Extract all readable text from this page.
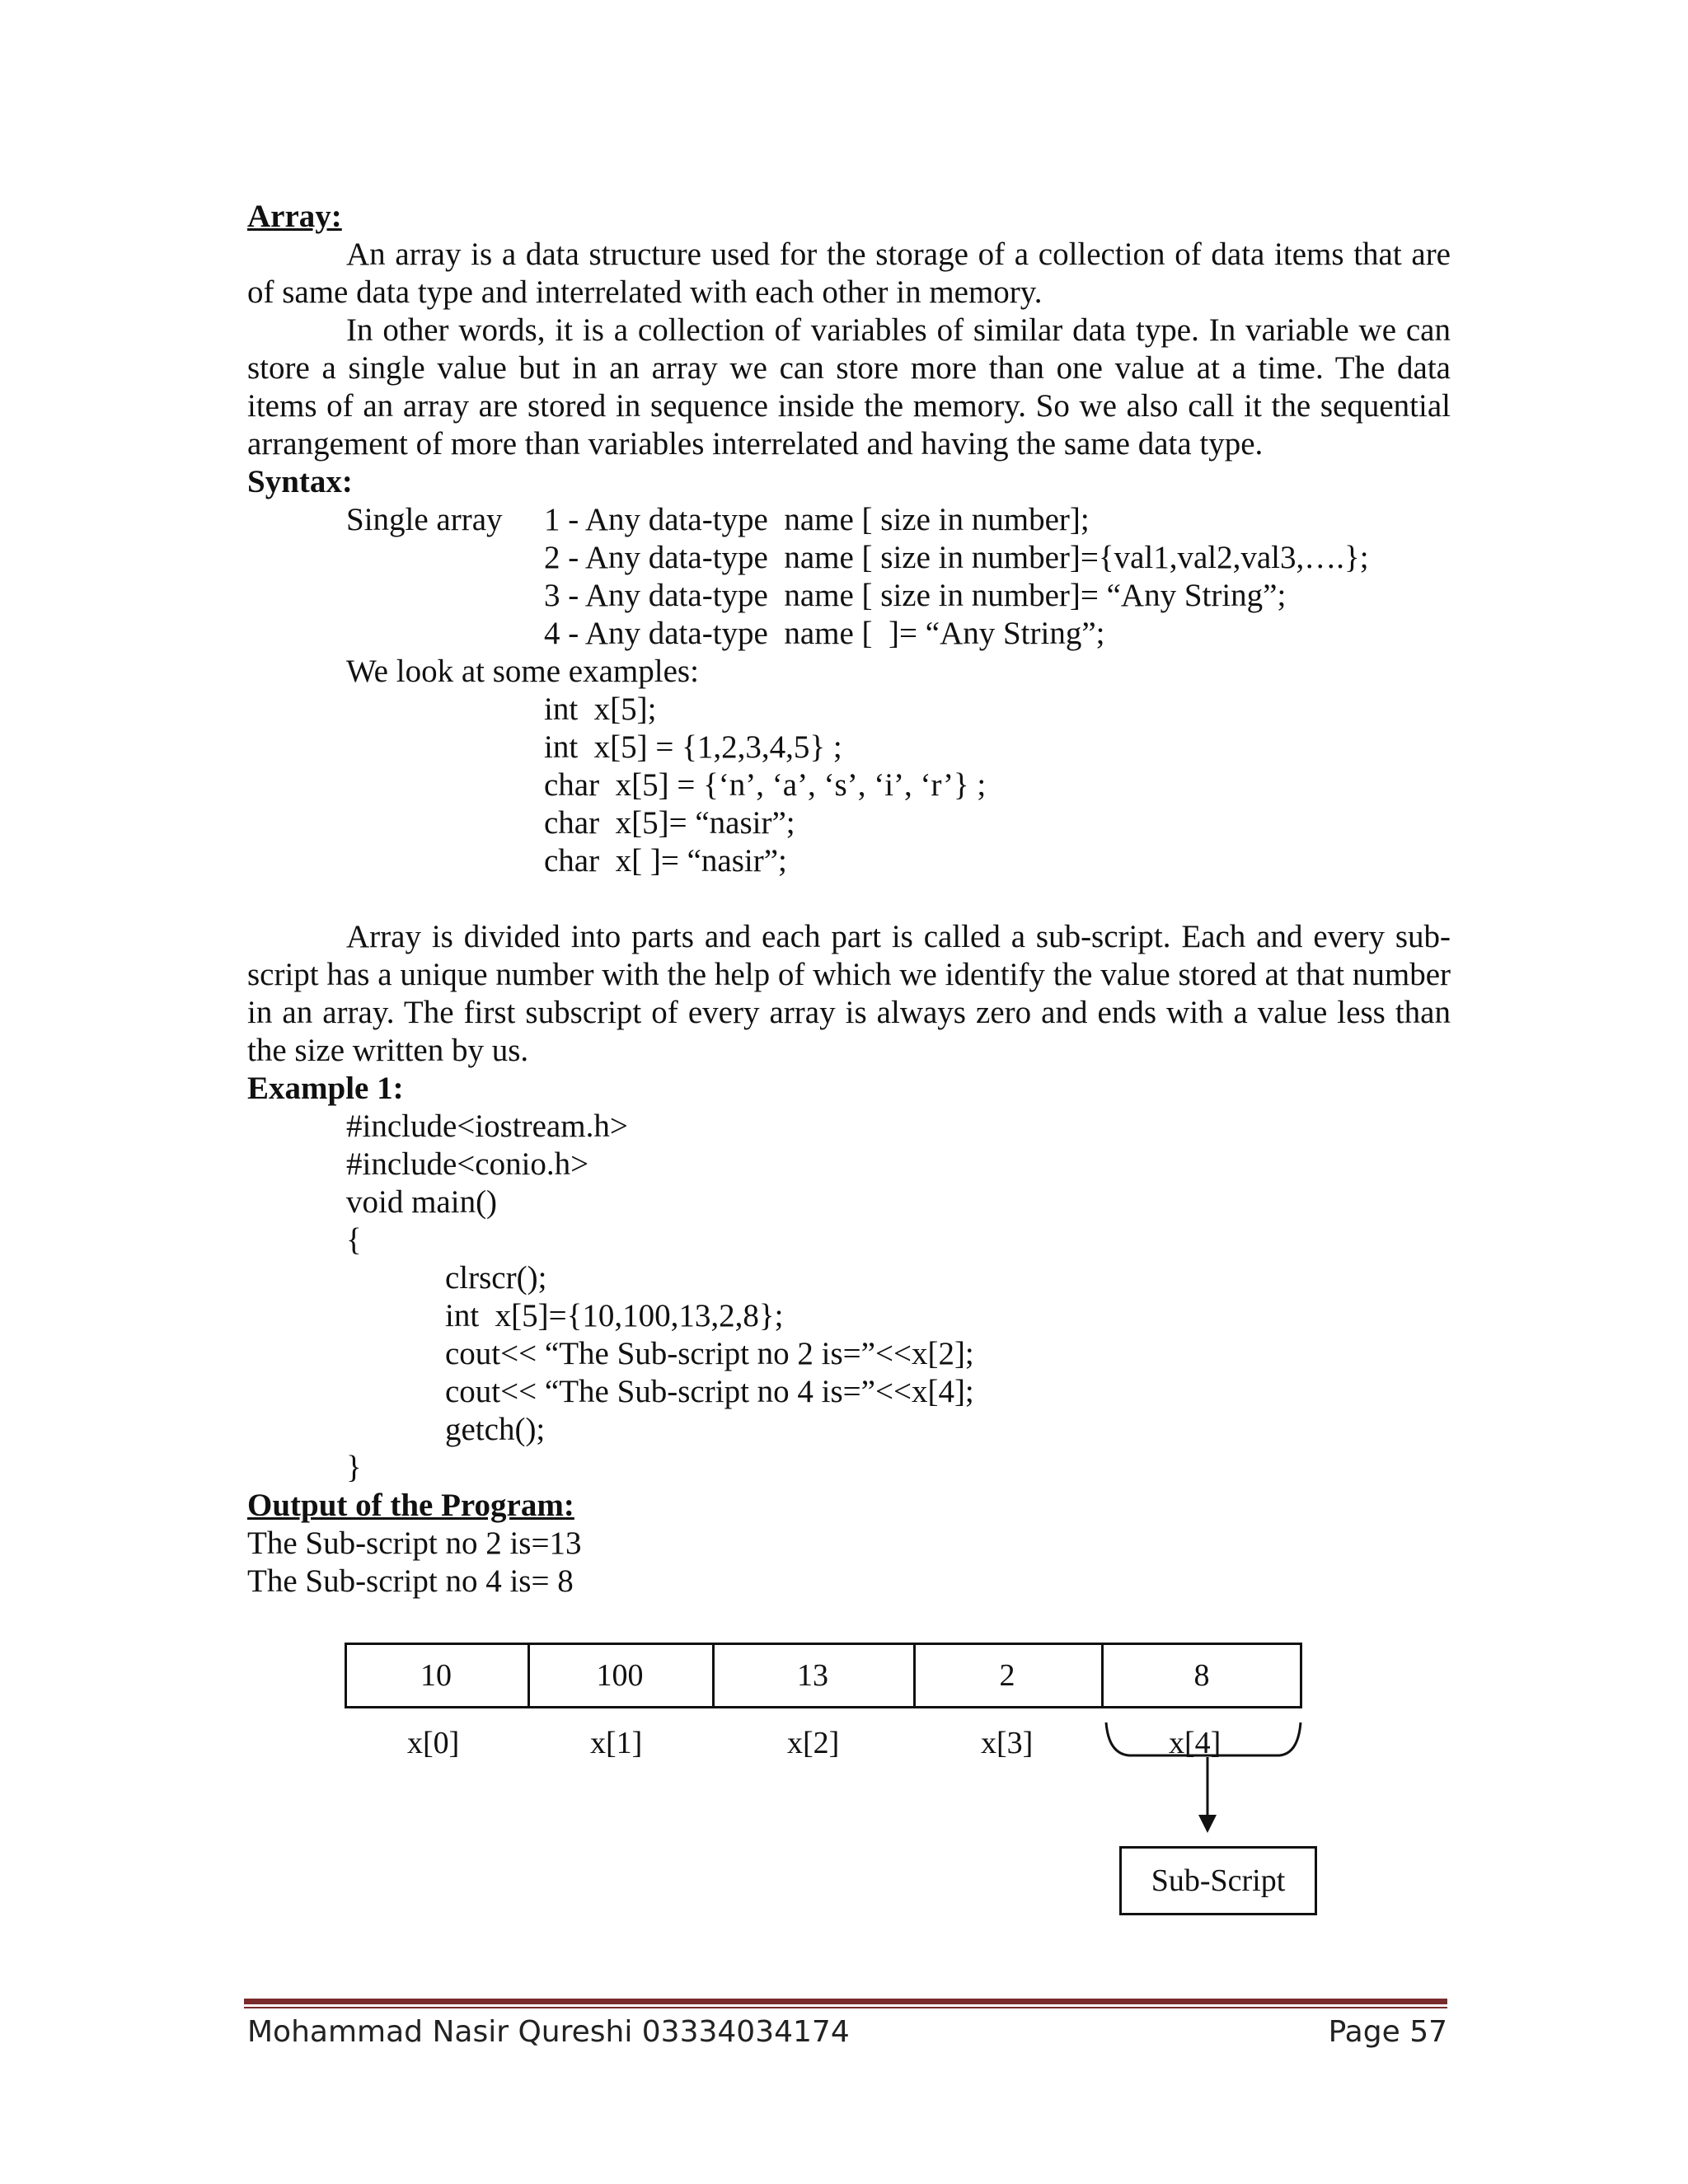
Array:

An array is a data structure used for the storage of a collection of data items that are of same data type and interrelated with each other in memory.

In other words, it is a collection of variables of similar data type. In variable we can store a single value but in an array we can store more than one value at a time. The data items of an array are stored in sequence inside the memory. So we also call it the sequential arrangement of more than variables interrelated and having the same data type.

Syntax:
Single array	1 - Any data-type  name [ size in number];
2 - Any data-type  name [ size in number]={val1,val2,val3,….};
3 - Any data-type  name [ size in number]= “Any String”;
4 - Any data-type  name [  ]= “Any String”;
We look at some examples:
int  x[5];
int  x[5] = {1,2,3,4,5} ;
char  x[5] = {‘n’, ‘a’, ‘s’, ‘i’, ‘r’} ;
char  x[5]= “nasir”;
char  x[ ]= “nasir”;

Array is divided into parts and each part is called a sub-script. Each and every sub-script has a unique number with the help of which we identify the value stored at that number in an array. The first subscript of every array is always zero and ends with a value less than the size written by us.

Example 1:
#include<iostream.h>
#include<conio.h>
void main()
{
clrscr();
int  x[5]={10,100,13,2,8};
cout<< “The Sub-script no 2 is=”<<x[2];
cout<< “The Sub-script no 4 is=”<<x[4];
getch();
}
Output of the Program:
The Sub-script no 2 is=13
The Sub-script no 4 is= 8
10	100	13	2	8
x[0]	x[1]	x[2]	x[3]	x[4]
Sub-Script
Mohammad Nasir Qureshi 03334034174	Page 57
